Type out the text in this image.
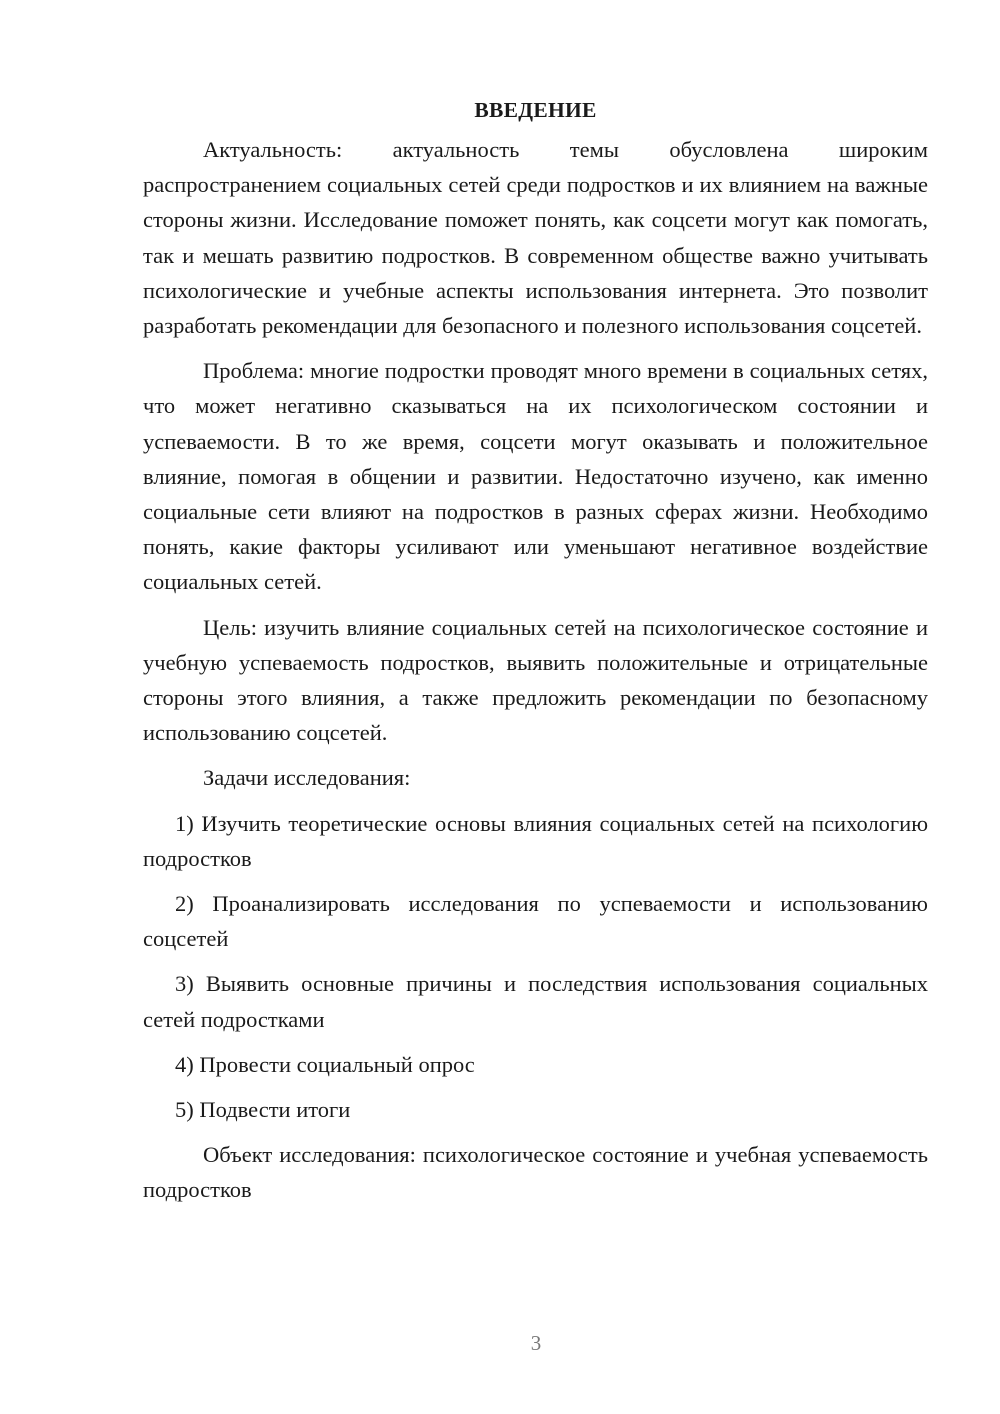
ВВЕДЕНИЕ

Актуальность: актуальность темы обусловлена широким распространением социальных сетей среди подростков и их влиянием на важные стороны жизни. Исследование поможет понять, как соцсети могут как помогать, так и мешать развитию подростков. В современном обществе важно учитывать психологические и учебные аспекты использования интернета. Это позволит разработать рекомендации для безопасного и полезного использования соцсетей.

Проблема: многие подростки проводят много времени в социальных сетях, что может негативно сказываться на их психологическом состоянии и успеваемости. В то же время, соцсети могут оказывать и положительное влияние, помогая в общении и развитии. Недостаточно изучено, как именно социальные сети влияют на подростков в разных сферах жизни. Необходимо понять, какие факторы усиливают или уменьшают негативное воздействие социальных сетей.

Цель: изучить влияние социальных сетей на психологическое состояние и учебную успеваемость подростков, выявить положительные и отрицательные стороны этого влияния, а также предложить рекомендации по безопасному использованию соцсетей.

Задачи исследования:

1) Изучить теоретические основы влияния социальных сетей на психологию подростков

2) Проанализировать исследования по успеваемости и использованию соцсетей

3) Выявить основные причины и последствия использования социальных сетей подростками

4) Провести социальный опрос

5) Подвести итоги

Объект исследования: психологическое состояние и учебная успеваемость подростков

3
